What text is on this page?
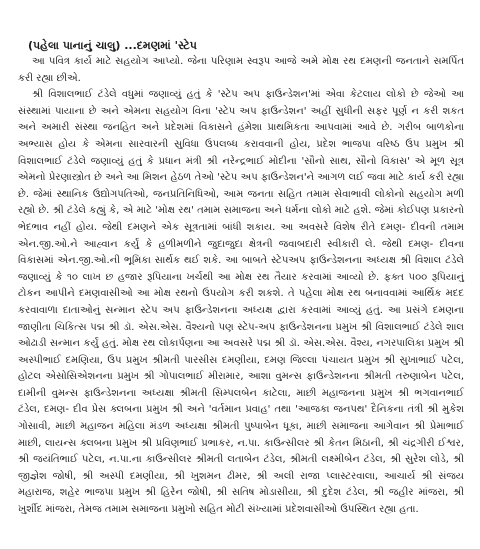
(પહેલા પાનાનું ચાલુ) ...દમણમાં 'સ્ટેપ

આ પવિત્ર કાર્ય માટે સહયોગ આપ્યો. જેના પરિણામ સ્વરૂપ આજે અમે મોક્ષ રથ દમણની જનતાને સમર્પિત કરી રહ્યા છીએ.

શ્રી વિશાલભાઈ ટંડેલે વધુમાં જણાવ્યું હતું કે 'સ્ટેપ અપ ફાઉન્ડેશન'માં એવા કેટલાય લોકો છે જેઓ આ સંસ્થામાં પાયાના છે અને એમના સહયોગ વિના 'સ્ટેપ અપ ફાઉન્ડેશન' અહીં સુધીની સફર પૂર્ણ ન કરી શકત અને અમારી સંસ્થા જનહિત અને પ્રદેશમાં વિકાસને હંમેશા પ્રાથમિકતા આપવામાં આવે છે. ગરીબ બાળકોના અભ્યાસ હોય કે એમના સારવારની સુવિધા ઉપલબ્ધ કરાવવાની હોય, પ્રદેશ ભાજપા વરિષ્ઠ ઉપ પ્રમુખ શ્રી વિશાલભાઈ ટંડેલે જણાવ્યું હતું કે પ્રધાન મંત્રી શ્રી નરેન્દ્રભાઈ મોદીના 'સૌનો સાથ, સૌનો વિકાસ' એ મૂળ સૂત્ર એમનો પ્રેરણાસ્ત્રોત છે અને આ મિશન હેઠળ તેઓ 'સ્ટેપ અપ ફાઉન્ડેશન'ને આગળ લઈ જવા માટે કાર્ય કરી રહ્યા છે. જેમાં સ્થાનિક ઉદ્યોગપતિઓ, જનપ્રતિનિધિઓ, આમ જનતા સહિત તમામ સેવાભાવી લોકોનો સહયોગ મળી રહ્યો છે. શ્રી ટંડેલે કહ્યું કે, એ માટે 'મોક્ષ રથ' તમામ સમાજના અને ધર્મના લોકો માટે હશે. જેમાં કોઈપણ પ્રકારનો ભેદભાવ નહીં હોય. જેથી દમણને એક સૂત્રતામાં બાંધી શકાય. આ અવસરે વિશેષ રીતે દમણ- દીવની તમામ એન.જી.ઓ.ને આહ્વાન કર્યું કે હળીમળીને જુદાજુદા ક્ષેત્રની જવાબદારી સ્વીકારી લે. જેથી દમણ- દીવના વિકાસમાં એન.જી.ઓ.ની ભૂમિકા સાર્થક થઈ શકે. આ બાબતે સ્ટેપઅપ ફાઉન્ડેશનના અધ્યક્ષ શ્રી વિશાલ ટંડેલે જણાવ્યું કે ૧૦ લાખ છ હજાર રૂપિયાના ખર્ચથી આ મોક્ષ રથ તૈયાર કરવામાં આવ્યો છે. ફક્ત ૫૦૦ રૂપિયાનું ટોકન આપીને દમણવાસીઓ આ મોક્ષ રથનો ઉપયોગ કરી શકશે. તે પહેલા મોક્ષ રથ બનાવવામાં આર્થિક મદદ કરવાવાળા દાતાઓનું સન્માન સ્ટેપ અપ ફાઉન્ડેશનના અધ્યક્ષ દ્વારા કરવામાં આવ્યું હતું. આ પ્રસંગે દમણના જાણીતા ચિકિત્સ પદ્મ શ્રી ડૉ. એસ.એસ. વૈશ્યનો પણ સ્ટેપ-અપ ફાઉન્ડેશનના પ્રમુખ શ્રી વિશાલભાઈ ટંડેલે શાલ ઓઢાડી સન્માન કર્યું હતું. મોક્ષ રથ લોકાર્પણના આ અવસરે પદ્મ શ્રી ડૉ. એસ.એસ. વૈશ્ય, નગરપાલિકા પ્રમુખ શ્રી અસ્પીભાઈ દમણિયા, ઉપ પ્રમુખ શ્રીમતી પારસીસ દમણીયા, દમણ જિલ્લા પંચાયત પ્રમુખ શ્રી સુખાભાઈ પટેલ, હોટલ એસોસિએશનના પ્રમુખ શ્રી ગોપાલભાઈ મીરામાર, આશા વુમન્સ ફાઉન્ડેશનના શ્રીમતી તરુણાબેન પટેલ, દામીની વુમન્સ ફાઉન્ડેશનના અધ્યક્ષા શ્રીમતી સિમ્પલબેન કાટેલા, માછી મહાજનના પ્રમુખ શ્રી ભગવાનભાઈ ટંડેલ, દમણ- દીવ પ્રેસ ક્લબના પ્રમુખ શ્રી અને 'વર્તમાન પ્રવાહ' તથા 'આજકા જનપથ' દૈનિકના તંત્રી શ્રી મુકેશ ગોસાવી, માછી મહાજન મહિલા મંડળ અધ્યક્ષા શ્રીમતી પુષ્પાબેન ધૂકા, માછી સમાજના આગેવાન શ્રી પ્રેમાભાઈ માછી, લાયન્સ ક્લબના પ્રમુખ શ્રી પ્રવિણભાઈ પ્રભાકર, ન.પા. કાઉન્સીલર શ્રી કેતન મિઠાની, શ્રી ચંદ્રગીરી ઈશ્વર, શ્રી જયંતિભાઈ પટેલ, ન.પા.ના કાઉન્સીલર શ્રીમતી લતાબેન ટંડેલ, શ્રીમતી લક્ષ્મીબેન ટંડેલ, શ્રી સુરેશ લોડે, શ્રી જીજ્ઞેશ જોષી, શ્રી અસ્પી દમણીયા, શ્રી ખુશમન ઢીમર, શ્રી અલી રાજા પ્લાસ્ટરવાલા, આચાર્ય શ્રી સંજય મહારાજ, શહેર ભાજપા પ્રમુખ શ્રી હિરેન જોષી, શ્રી સતિષ મોડાસીયા, શ્રી દુદેશ ટંડેલ, શ્રી જહીર માંજરા, શ્રી ખુર્શીદ માંજરા, તેમજ તમામ સમાજના પ્રમુખો સહિત મોટી સંખ્યામાં પ્રદેશવાસીઓ ઉપસ્થિત રહ્યા હતા.
